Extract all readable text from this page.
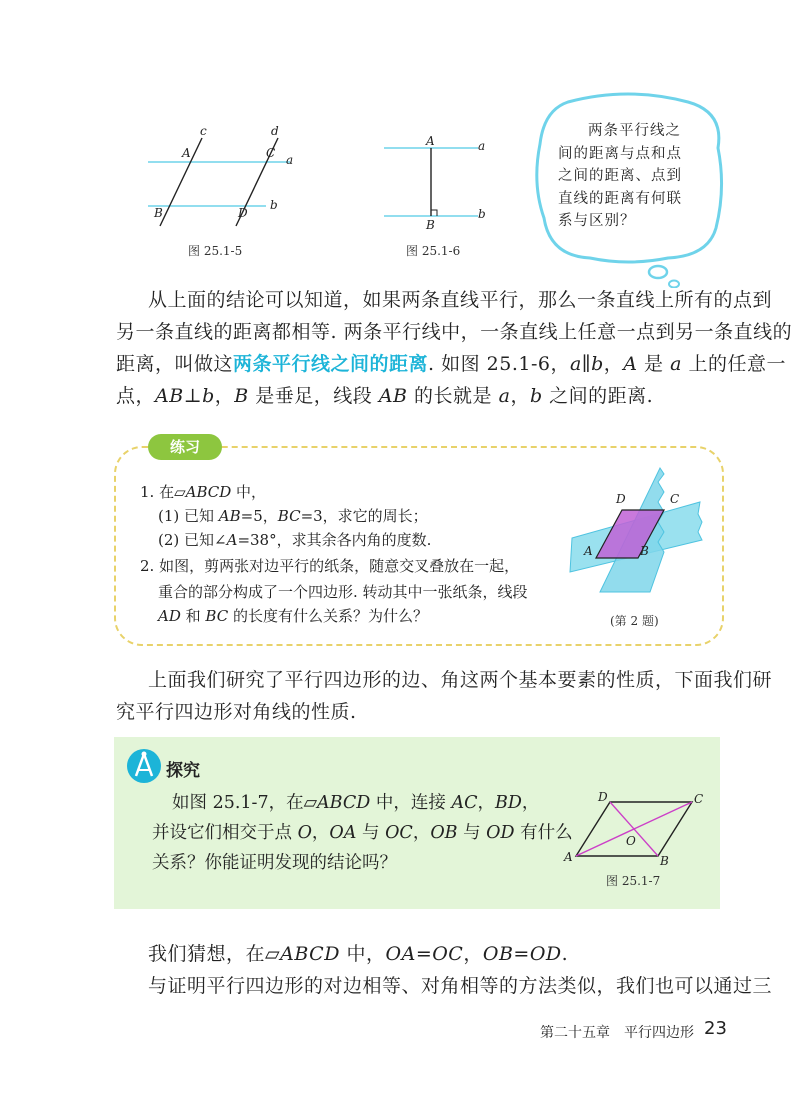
c	d
A	C a
B	D
b
图 25.1-5
A	a
B
b
图 25.1-6
两条平行线之
间的距离与点和点
之间的距离、点到
直线的距离有何联
系与区别？
从上面的结论可以知道，如果两条直线平行，那么一条直线上所有的点到
另一条直线的距离都相等. 两条平行线中，一条直线上任意一点到另一条直线的
距离，叫做这两条平行线之间的距离. 如图 25.1-6，a∥b，A 是 a 上的任意一
点，AB⊥b，B 是垂足，线段 AB 的长就是 a，b 之间的距离.
练习
1. 在▱ABCD 中，
(1) 已知 AB=5，BC=3，求它的周长；
(2) 已知∠A=38°，求其余各内角的度数.
2. 如图，剪两张对边平行的纸条，随意交叉叠放在一起，
重合的部分构成了一个四边形. 转动其中一张纸条，线段
AD 和 BC 的长度有什么关系？为什么？
D	C
A	B
(第 2 题)
上面我们研究了平行四边形的边、角这两个基本要素的性质，下面我们研
究平行四边形对角线的性质.
探究
如图 25.1-7，在▱ABCD 中，连接 AC，BD，
并设它们相交于点 O，OA 与 OC，OB 与 OD 有什么
关系？你能证明发现的结论吗？
D	C
O
A	B
图 25.1-7
我们猜想，在▱ABCD 中，OA=OC，OB=OD.
与证明平行四边形的对边相等、对角相等的方法类似，我们也可以通过三
第二十五章　平行四边形 23
